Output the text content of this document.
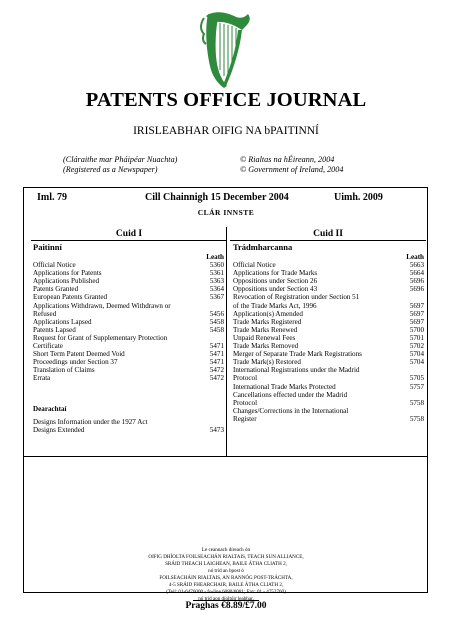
PATENTS OFFICE JOURNAL
IRISLEABHAR OIFIG NA bPAITINNÍ
(Cláraithe mar Pháipéar Nuachta)
(Registered as a Newspaper)
© Rialtas na hÉireann, 2004
© Government of Ireland, 2004
Iml. 79	Cill Chainnigh 15 December 2004	Uimh. 2009
CLÁR INNSTE
Cuid I	Cuid II
Paitinní	Trádmharcanna
Leath
Official Notice	5360
Applications for Patents	5361
Applications Published	5363
Patents Granted	5364
European Patents Granted	5367
Applications Withdrawn, Deemed Withdrawn or
Refused	5456
Applications Lapsed	5458
Patents Lapsed	5458
Request for Grant of Supplementary Protection
Certificate	5471
Short Term Patent Deemed Void	5471
Proceedings under Section 37	5471
Translation of Claims	5472
Errata	5472
Leath
Official Notice	5663
Applications for Trade Marks	5664
Oppositions under Section 26	5696
Oppositions under Section 43	5696
Revocation of Registration under Section 51
of the Trade Marks Act, 1996	5697
Application(s) Amended	5697
Trade Marks Registered	5697
Trade Marks Renewed	5700
Unpaid Renewal Fees	5701
Trade Marks Removed	5702
Merger of Separate Trade Mark Registrations	5704
Trade Mark(s) Restored	5704
International Registrations under the Madrid
Protocol	5705
International Trade Marks Protected	5757
Cancellations effected under the Madrid
Protocol	5758
Changes/Corrections in the International
Register	5758
Dearachtaí
Designs Information under the 1927 Act
Designs Extended	5473
Le ceannach díreach ón
OIFIG DHÍOLTA FOILSEACHÁN RIALTAIS, TEACH SUN ALLIANCE,
SRÁID THEACH LAIGHEAN, BAILE ÁTHA CLIATH 2,
nó tríd an bpost ó
FOILSEACHÁIN RIALTAIS, AN RANNÓG POST-TRÁCHTA,
4-5 SRÁID FHEARCHAIR, BAILE ÁTHA CLIATH 2,
(Teil: 01-6476000 - fo-líne 6080/6081; Fax: 01 - 4752760)
nó tríd aon díoltóir leabhar.
Praghas €8.89/£7.00
